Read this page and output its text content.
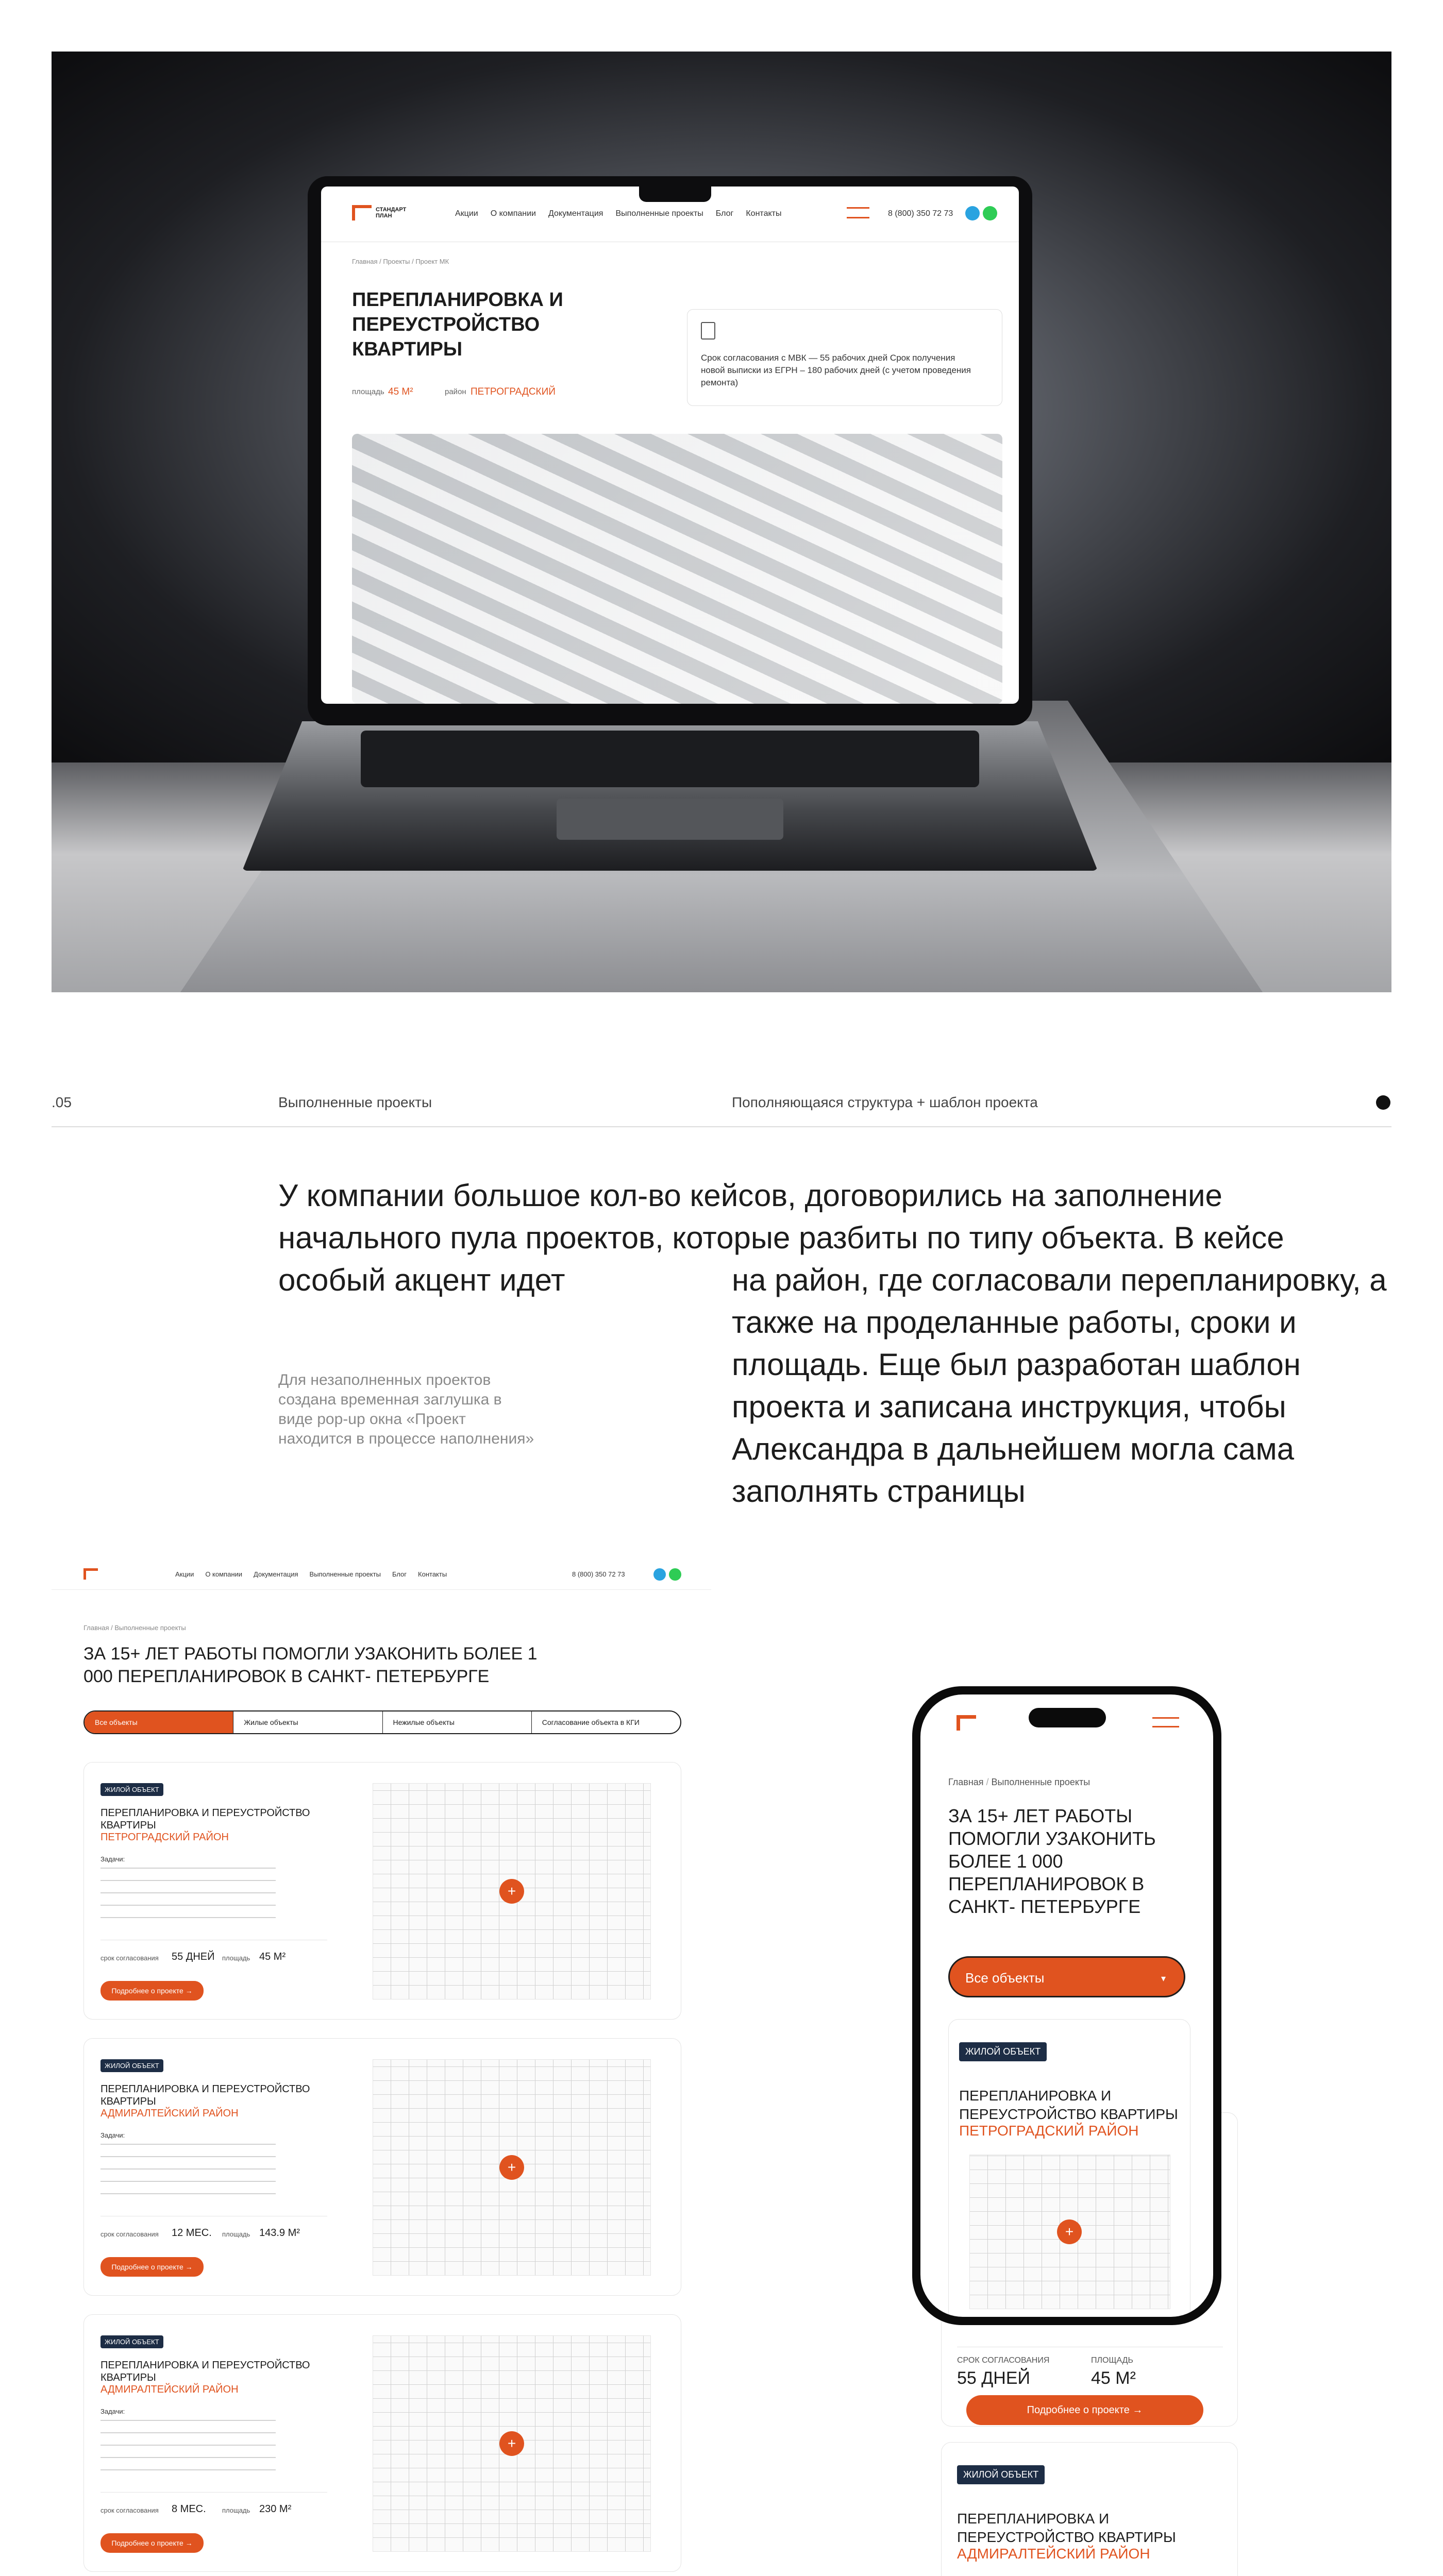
СТАНДАРТ
ПЛАН	Акции О компании Документация Выполненные проекты Блог Контакты	8 (800) 350 72 73
Главная / Проекты / Проект МК
ПЕРЕПЛАНИРОВКА И ПЕРЕУСТРОЙСТВО КВАРТИРЫ
площадь 45 М²	район ПЕТРОГРАДСКИЙ
Срок согласования с МВК — 55 рабочих дней Срок получения новой выписки из ЕГРН – 180 рабочих дней (с учетом проведения ремонта)
.05	Выполненные проекты	Пополняющаяся структура + шаблон проекта
У компании большое кол-во кейсов, договорились на заполнение начального пула проектов, которые разбиты по типу объекта. В кейсе особый акцент идет	на район, где согласовали перепланировку, а также на проделанные работы, сроки и площадь. Еще был разработан шаблон проекта и записана инструкция, чтобы Александра в дальнейшем могла сама заполнять страницы
Для незаполненных проектов создана временная заглушка в виде pop-up окна «Проект находится в процессе наполнения»
Акции О компании Документация Выполненные проекты Блог Контакты	8 (800) 350 72 73
Главная / Выполненные проекты
ЗА 15+ ЛЕТ РАБОТЫ ПОМОГЛИ УЗАКОНИТЬ БОЛЕЕ 1 000 ПЕРЕПЛАНИРОВОК В САНКТ- ПЕТЕРБУРГЕ
Все объекты	Жилые объекты	Нежилые объекты	Согласование объекта в КГИ
ЖИЛОЙ ОБЪЕКТ
ПЕРЕПЛАНИРОВКА И ПЕРЕУСТРОЙСТВО КВАРТИРЫ
ПЕТРОГРАДСКИЙ РАЙОН
Задачи:
срок согласования 55 ДНЕЙ площадь 45 М²
Подробнее о проекте →
+
ЖИЛОЙ ОБЪЕКТ
ПЕРЕПЛАНИРОВКА И ПЕРЕУСТРОЙСТВО КВАРТИРЫ
АДМИРАЛТЕЙСКИЙ РАЙОН
Задачи:
срок согласования 12 МЕС. площадь 143.9 М²
Подробнее о проекте →
+
ЖИЛОЙ ОБЪЕКТ
ПЕРЕПЛАНИРОВКА И ПЕРЕУСТРОЙСТВО КВАРТИРЫ
АДМИРАЛТЕЙСКИЙ РАЙОН
Задачи:
срок согласования 8 МЕС. площадь 230 М²
Подробнее о проекте →
+
СРОК СОГЛАСОВАНИЯ
55 ДНЕЙ
ПЛОЩАДЬ
45 М²
Подробнее о проекте →
ЖИЛОЙ ОБЪЕКТ
ПЕРЕПЛАНИРОВКА И ПЕРЕУСТРОЙСТВО КВАРТИРЫ
АДМИРАЛТЕЙСКИЙ РАЙОН
Главная / Выполненные проекты
ЗА 15+ ЛЕТ РАБОТЫ ПОМОГЛИ УЗАКОНИТЬ БОЛЕЕ 1 000 ПЕРЕПЛАНИРОВОК В САНКТ- ПЕТЕРБУРГЕ
Все объекты	▾
ЖИЛОЙ ОБЪЕКТ
ПЕРЕПЛАНИРОВКА И ПЕРЕУСТРОЙСТВО КВАРТИРЫ
ПЕТРОГРАДСКИЙ РАЙОН
+
